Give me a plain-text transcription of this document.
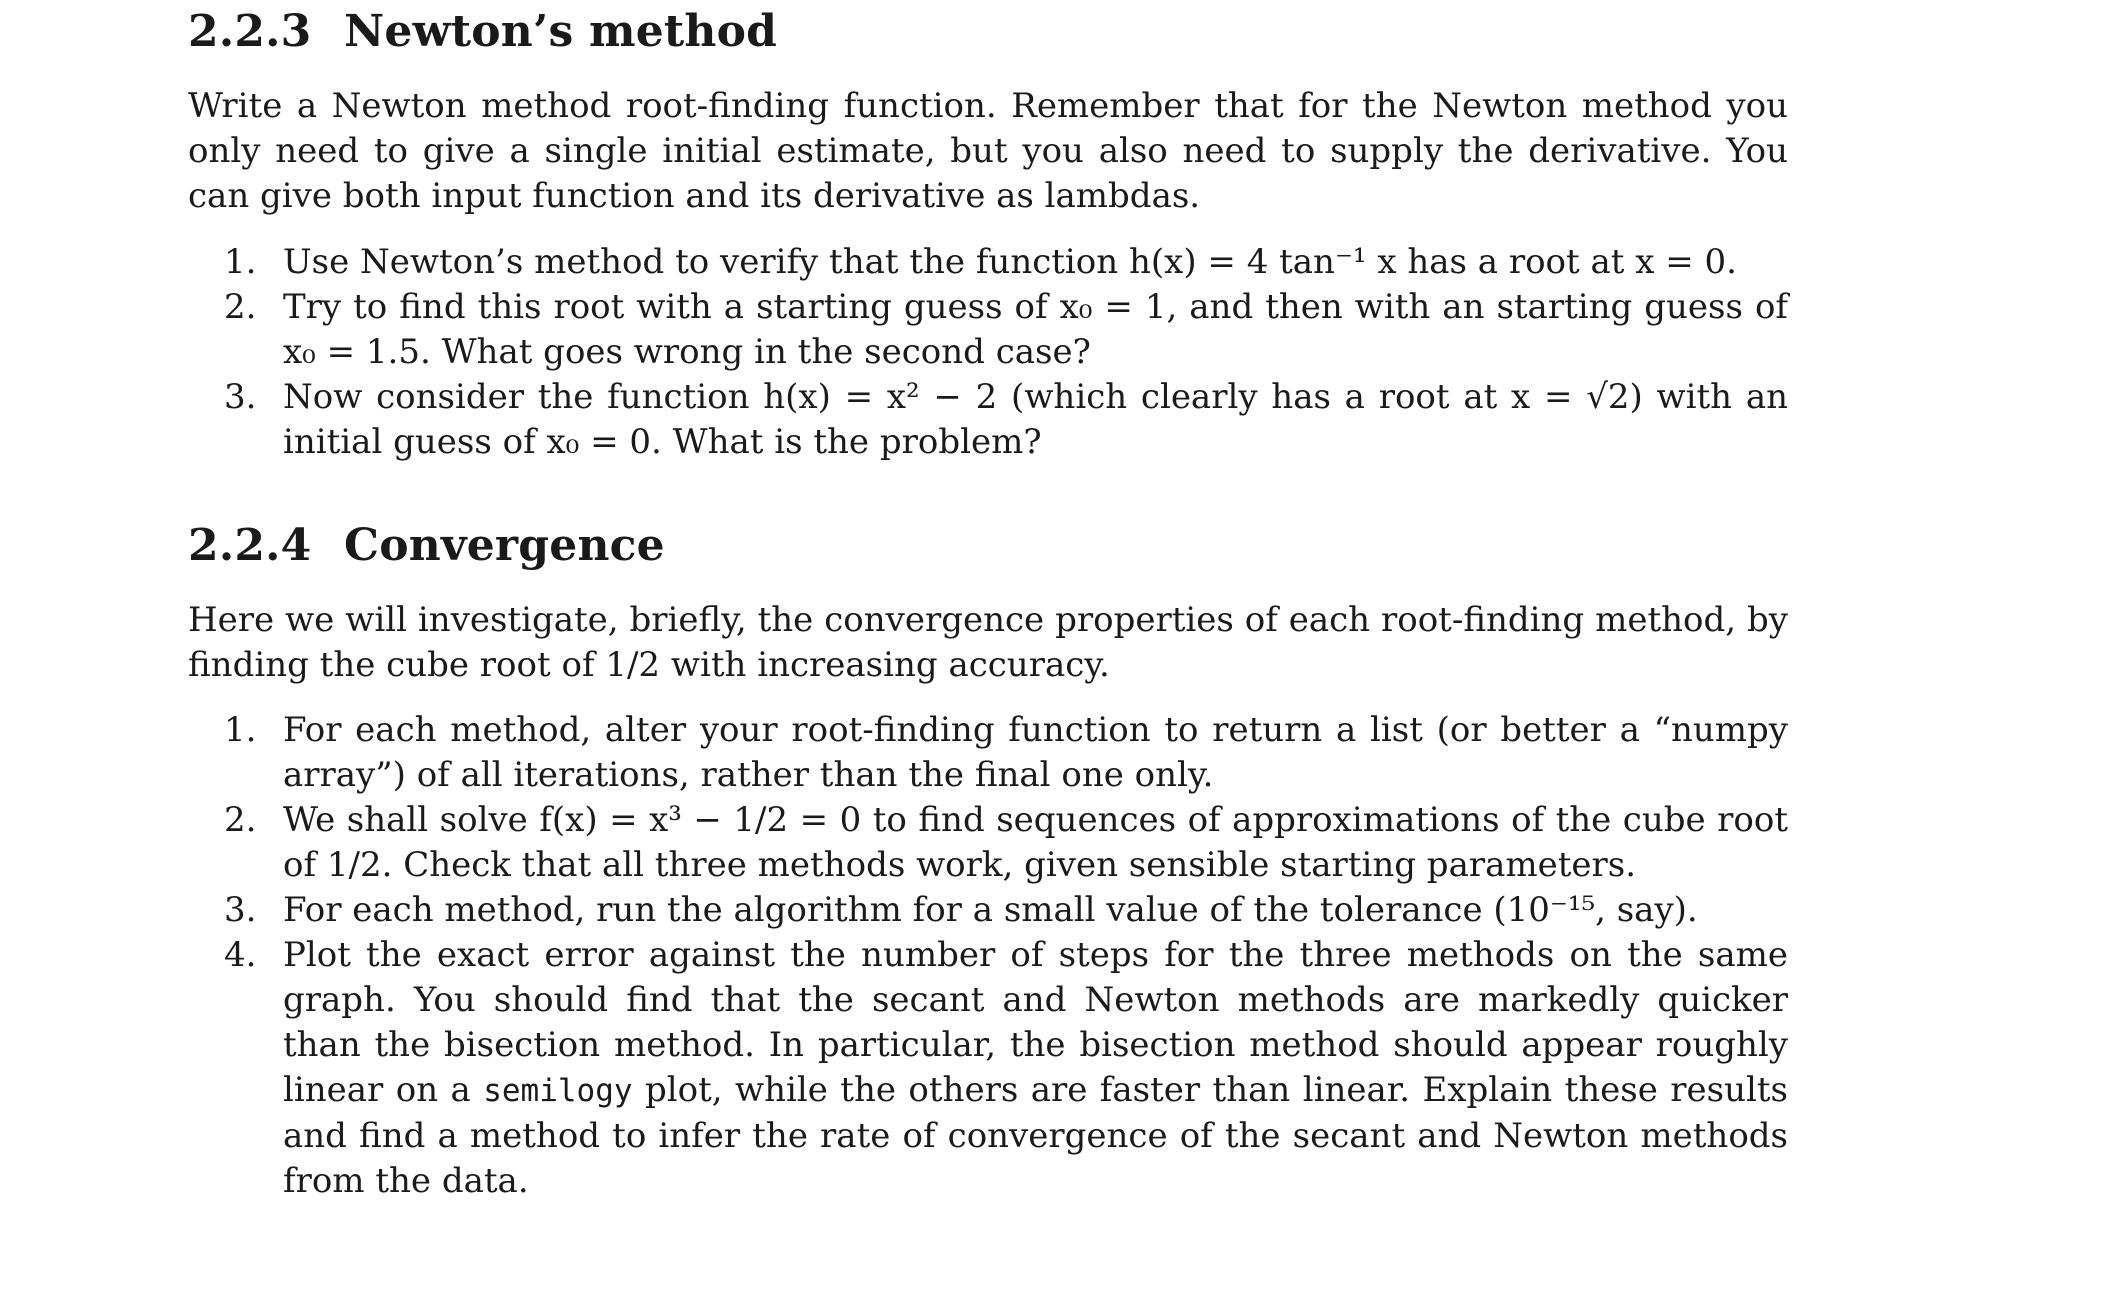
2.2.3 Newton’s method

Write a Newton method root-finding function. Remember that for the Newton method you only need to give a single initial estimate, but you also need to supply the derivative. You can give both input function and its derivative as lambdas.

1. Use Newton’s method to verify that the function h(x) = 4 tan⁻¹ x has a root at x = 0.
2. Try to find this root with a starting guess of x₀ = 1, and then with an starting guess of x₀ = 1.5. What goes wrong in the second case?
3. Now consider the function h(x) = x² − 2 (which clearly has a root at x = √2) with an initial guess of x₀ = 0. What is the problem?
2.2.4 Convergence

Here we will investigate, briefly, the convergence properties of each root-finding method, by finding the cube root of 1/2 with increasing accuracy.

1. For each method, alter your root-finding function to return a list (or better a “numpy array”) of all iterations, rather than the final one only.
2. We shall solve f(x) = x³ − 1/2 = 0 to find sequences of approximations of the cube root of 1/2. Check that all three methods work, given sensible starting parameters.
3. For each method, run the algorithm for a small value of the tolerance (10⁻¹⁵, say).
4. Plot the exact error against the number of steps for the three methods on the same graph. You should find that the secant and Newton methods are markedly quicker than the bisection method. In particular, the bisection method should appear roughly linear on a semilogy plot, while the others are faster than linear. Explain these results and find a method to infer the rate of convergence of the secant and Newton methods from the data.
